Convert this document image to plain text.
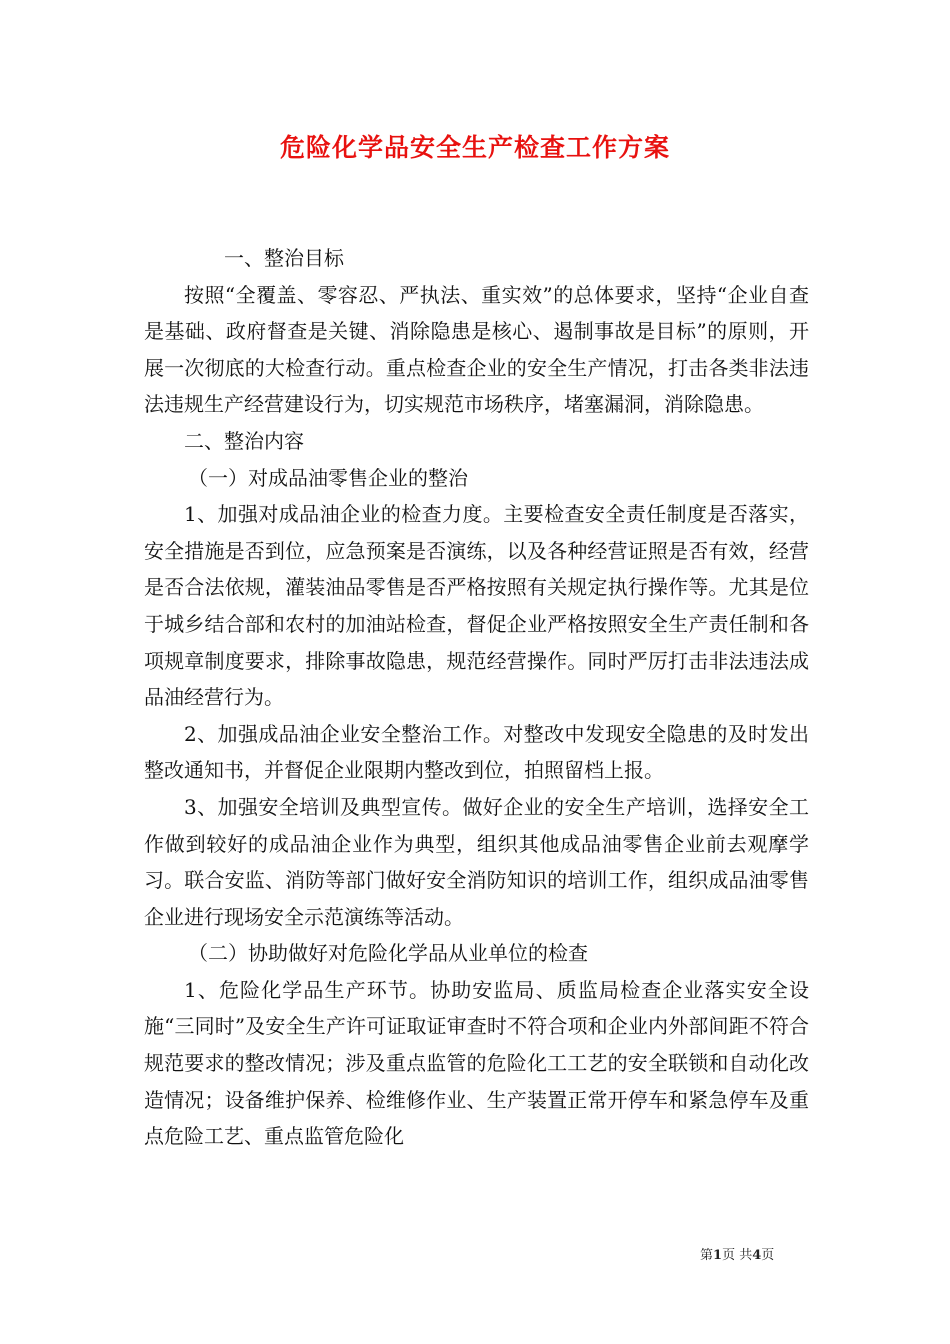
危险化学品安全生产检查工作方案

一、整治目标

按照“全覆盖、零容忍、严执法、重实效”的总体要求，坚持“企业自查是基础、政府督查是关键、消除隐患是核心、遏制事故是目标”的原则，开展一次彻底的大检查行动。重点检查企业的安全生产情况，打击各类非法违法违规生产经营建设行为，切实规范市场秩序，堵塞漏洞，消除隐患。

二、整治内容

（一）对成品油零售企业的整治

1、加强对成品油企业的检查力度。主要检查安全责任制度是否落实，安全措施是否到位，应急预案是否演练，以及各种经营证照是否有效，经营是否合法依规，灌装油品零售是否严格按照有关规定执行操作等。尤其是位于城乡结合部和农村的加油站检查，督促企业严格按照安全生产责任制和各项规章制度要求，排除事故隐患，规范经营操作。同时严厉打击非法违法成品油经营行为。

2、加强成品油企业安全整治工作。对整改中发现安全隐患的及时发出整改通知书，并督促企业限期内整改到位，拍照留档上报。

3、加强安全培训及典型宣传。做好企业的安全生产培训，选择安全工作做到较好的成品油企业作为典型，组织其他成品油零售企业前去观摩学习。联合安监、消防等部门做好安全消防知识的培训工作，组织成品油零售企业进行现场安全示范演练等活动。

（二）协助做好对危险化学品从业单位的检查

1、危险化学品生产环节。协助安监局、质监局检查企业落实安全设施“三同时”及安全生产许可证取证审查时不符合项和企业内外部间距不符合规范要求的整改情况；涉及重点监管的危险化工工艺的安全联锁和自动化改造情况；设备维护保养、检维修作业、生产装置正常开停车和紧急停车及重点危险工艺、重点监管危险化

第1页 共4页
